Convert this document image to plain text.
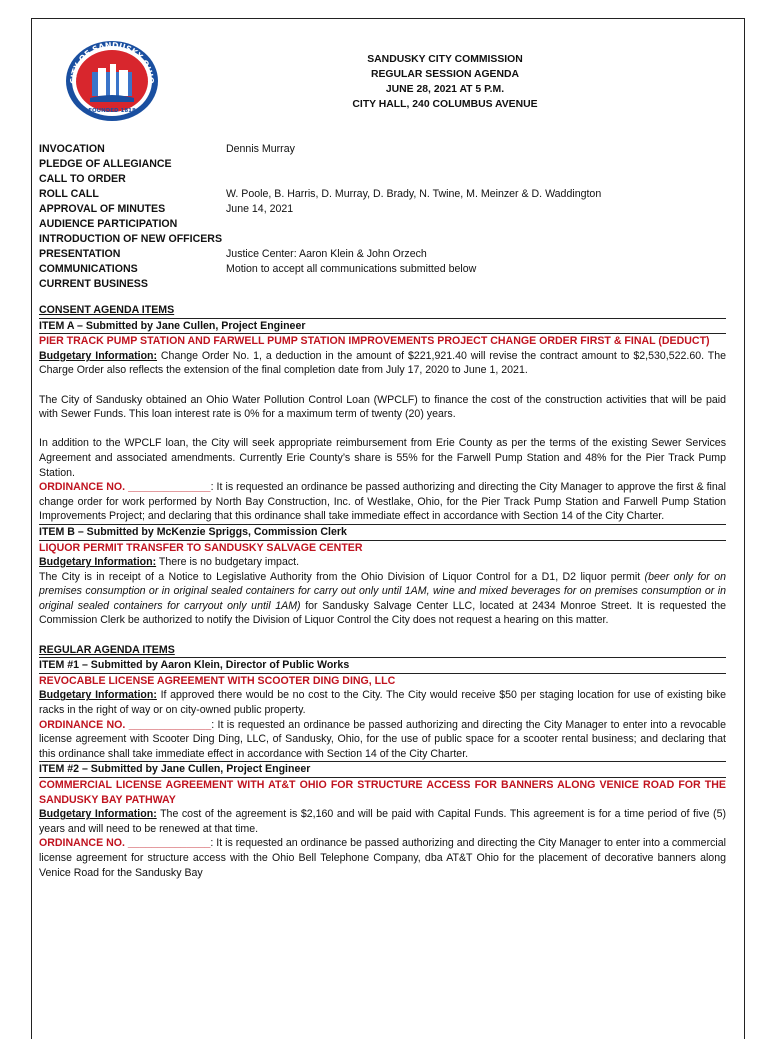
CITY OF SANDUSKY OHIO
FOUNDED 1818
SANDUSKY CITY COMMISSION
REGULAR SESSION AGENDA
JUNE 28, 2021 AT 5 P.M.
CITY HALL, 240 COLUMBUS AVENUE
INVOCATION	Dennis Murray
PLEDGE OF ALLEGIANCE
CALL TO ORDER
ROLL CALL	W. Poole, B. Harris, D. Murray, D. Brady, N. Twine, M. Meinzer & D. Waddington
APPROVAL OF MINUTES	June 14, 2021
AUDIENCE PARTICIPATION
INTRODUCTION OF NEW OFFICERS
PRESENTATION	Justice Center: Aaron Klein & John Orzech
COMMUNICATIONS	Motion to accept all communications submitted below
CURRENT BUSINESS
CONSENT AGENDA ITEMS
ITEM A – Submitted by Jane Cullen, Project Engineer
PIER TRACK PUMP STATION AND FARWELL PUMP STATION IMPROVEMENTS PROJECT CHANGE ORDER FIRST & FINAL (DEDUCT)
Budgetary Information: Change Order No. 1, a deduction in the amount of $221,921.40 will revise the contract amount to $2,530,522.60. The Charge Order also reflects the extension of the final completion date from July 17, 2020 to June 1, 2021.
The City of Sandusky obtained an Ohio Water Pollution Control Loan (WPCLF) to finance the cost of the construction activities that will be paid with Sewer Funds. This loan interest rate is 0% for a maximum term of twenty (20) years.
In addition to the WPCLF loan, the City will seek appropriate reimbursement from Erie County as per the terms of the existing Sewer Services Agreement and associated amendments. Currently Erie County’s share is 55% for the Farwell Pump Station and 48% for the Pier Track Pump Station.
ORDINANCE NO. ______________: It is requested an ordinance be passed authorizing and directing the City Manager to approve the first & final change order for work performed by North Bay Construction, Inc. of Westlake, Ohio, for the Pier Track Pump Station and Farwell Pump Station Improvements Project; and declaring that this ordinance shall take immediate effect in accordance with Section 14 of the City Charter.
ITEM B – Submitted by McKenzie Spriggs, Commission Clerk
LIQUOR PERMIT TRANSFER TO SANDUSKY SALVAGE CENTER
Budgetary Information: There is no budgetary impact.
The City is in receipt of a Notice to Legislative Authority from the Ohio Division of Liquor Control for a D1, D2 liquor permit (beer only for on premises consumption or in original sealed containers for carry out only until 1AM, wine and mixed beverages for on premises consumption or in original sealed containers for carryout only until 1AM) for Sandusky Salvage Center LLC, located at 2434 Monroe Street. It is requested the Commission Clerk be authorized to notify the Division of Liquor Control the City does not request a hearing on this matter.
REGULAR AGENDA ITEMS
ITEM #1 – Submitted by Aaron Klein, Director of Public Works
REVOCABLE LICENSE AGREEMENT WITH SCOOTER DING DING, LLC
Budgetary Information: If approved there would be no cost to the City. The City would receive $50 per staging location for use of existing bike racks in the right of way or on city-owned public property.
ORDINANCE NO. ______________: It is requested an ordinance be passed authorizing and directing the City Manager to enter into a revocable license agreement with Scooter Ding Ding, LLC, of Sandusky, Ohio, for the use of public space for a scooter rental business; and declaring that this ordinance shall take immediate effect in accordance with Section 14 of the City Charter.
ITEM #2 – Submitted by Jane Cullen, Project Engineer
COMMERCIAL LICENSE AGREEMENT WITH AT&T OHIO FOR STRUCTURE ACCESS FOR BANNERS ALONG VENICE ROAD FOR THE SANDUSKY BAY PATHWAY
Budgetary Information: The cost of the agreement is $2,160 and will be paid with Capital Funds. This agreement is for a time period of five (5) years and will need to be renewed at that time.
ORDINANCE NO. ______________: It is requested an ordinance be passed authorizing and directing the City Manager to enter into a commercial license agreement for structure access with the Ohio Bell Telephone Company, dba AT&T Ohio for the placement of decorative banners along Venice Road for the Sandusky Bay
